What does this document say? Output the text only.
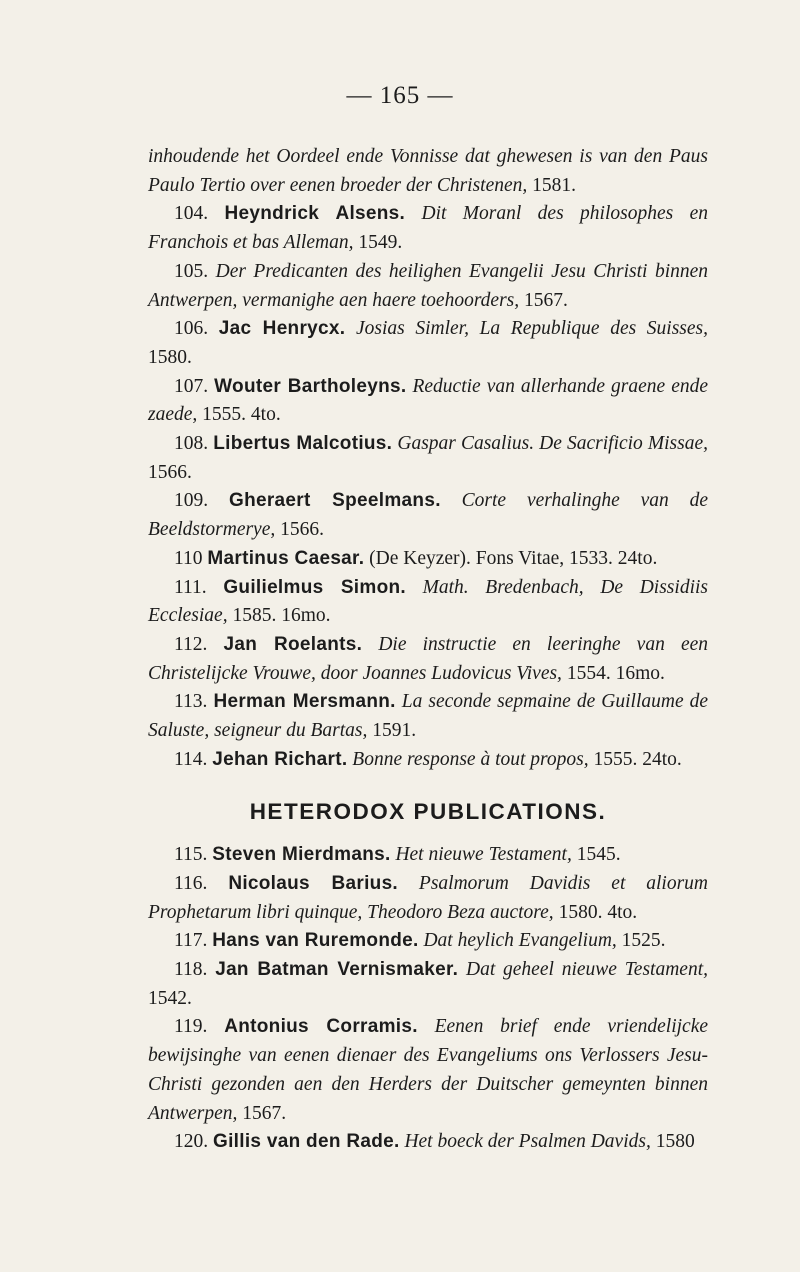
— 165 —

inhoudende het Oordeel ende Vonnisse dat ghewesen is van den Paus Paulo Tertio over eenen broeder der Christenen, 1581.

104. Heyndrick Alsens. Dit Moranl des philosophes en Franchois et bas Alleman, 1549.

105. Der Predicanten des heilighen Evangelii Jesu Christi binnen Antwerpen, vermanighe aen haere toehoorders, 1567.

106. Jac Henrycx. Josias Simler, La Republique des Suisses, 1580.

107. Wouter Bartholeyns. Reductie van allerhande graene ende zaede, 1555. 4to.

108. Libertus Malcotius. Gaspar Casalius. De Sacrificio Missae, 1566.

109. Gheraert Speelmans. Corte verhalinghe van de Beeldstormerye, 1566.

110 Martinus Caesar. (De Keyzer). Fons Vitae, 1533. 24to.

111. Guilielmus Simon. Math. Bredenbach, De Dissidiis Ecclesiae, 1585. 16mo.

112. Jan Roelants. Die instructie en leeringhe van een Christelijcke Vrouwe, door Joannes Ludovicus Vives, 1554. 16mo.

113. Herman Mersmann. La seconde sepmaine de Guillaume de Saluste, seigneur du Bartas, 1591.

114. Jehan Richart. Bonne response à tout propos, 1555. 24to.

HETERODOX PUBLICATIONS.

115. Steven Mierdmans. Het nieuwe Testament, 1545.

116. Nicolaus Barius. Psalmorum Davidis et aliorum Prophetarum libri quinque, Theodoro Beza auctore, 1580. 4to.

117. Hans van Ruremonde. Dat heylich Evangelium, 1525.

118. Jan Batman Vernismaker. Dat geheel nieuwe Testament, 1542.

119. Antonius Corramis. Eenen brief ende vriendelijcke bewijsinghe van eenen dienaer des Evangeliums ons Verlossers Jesu-Christi gezonden aen den Herders der Duitscher gemeynten binnen Antwerpen, 1567.

120. Gillis van den Rade. Het boeck der Psalmen Davids, 1580
